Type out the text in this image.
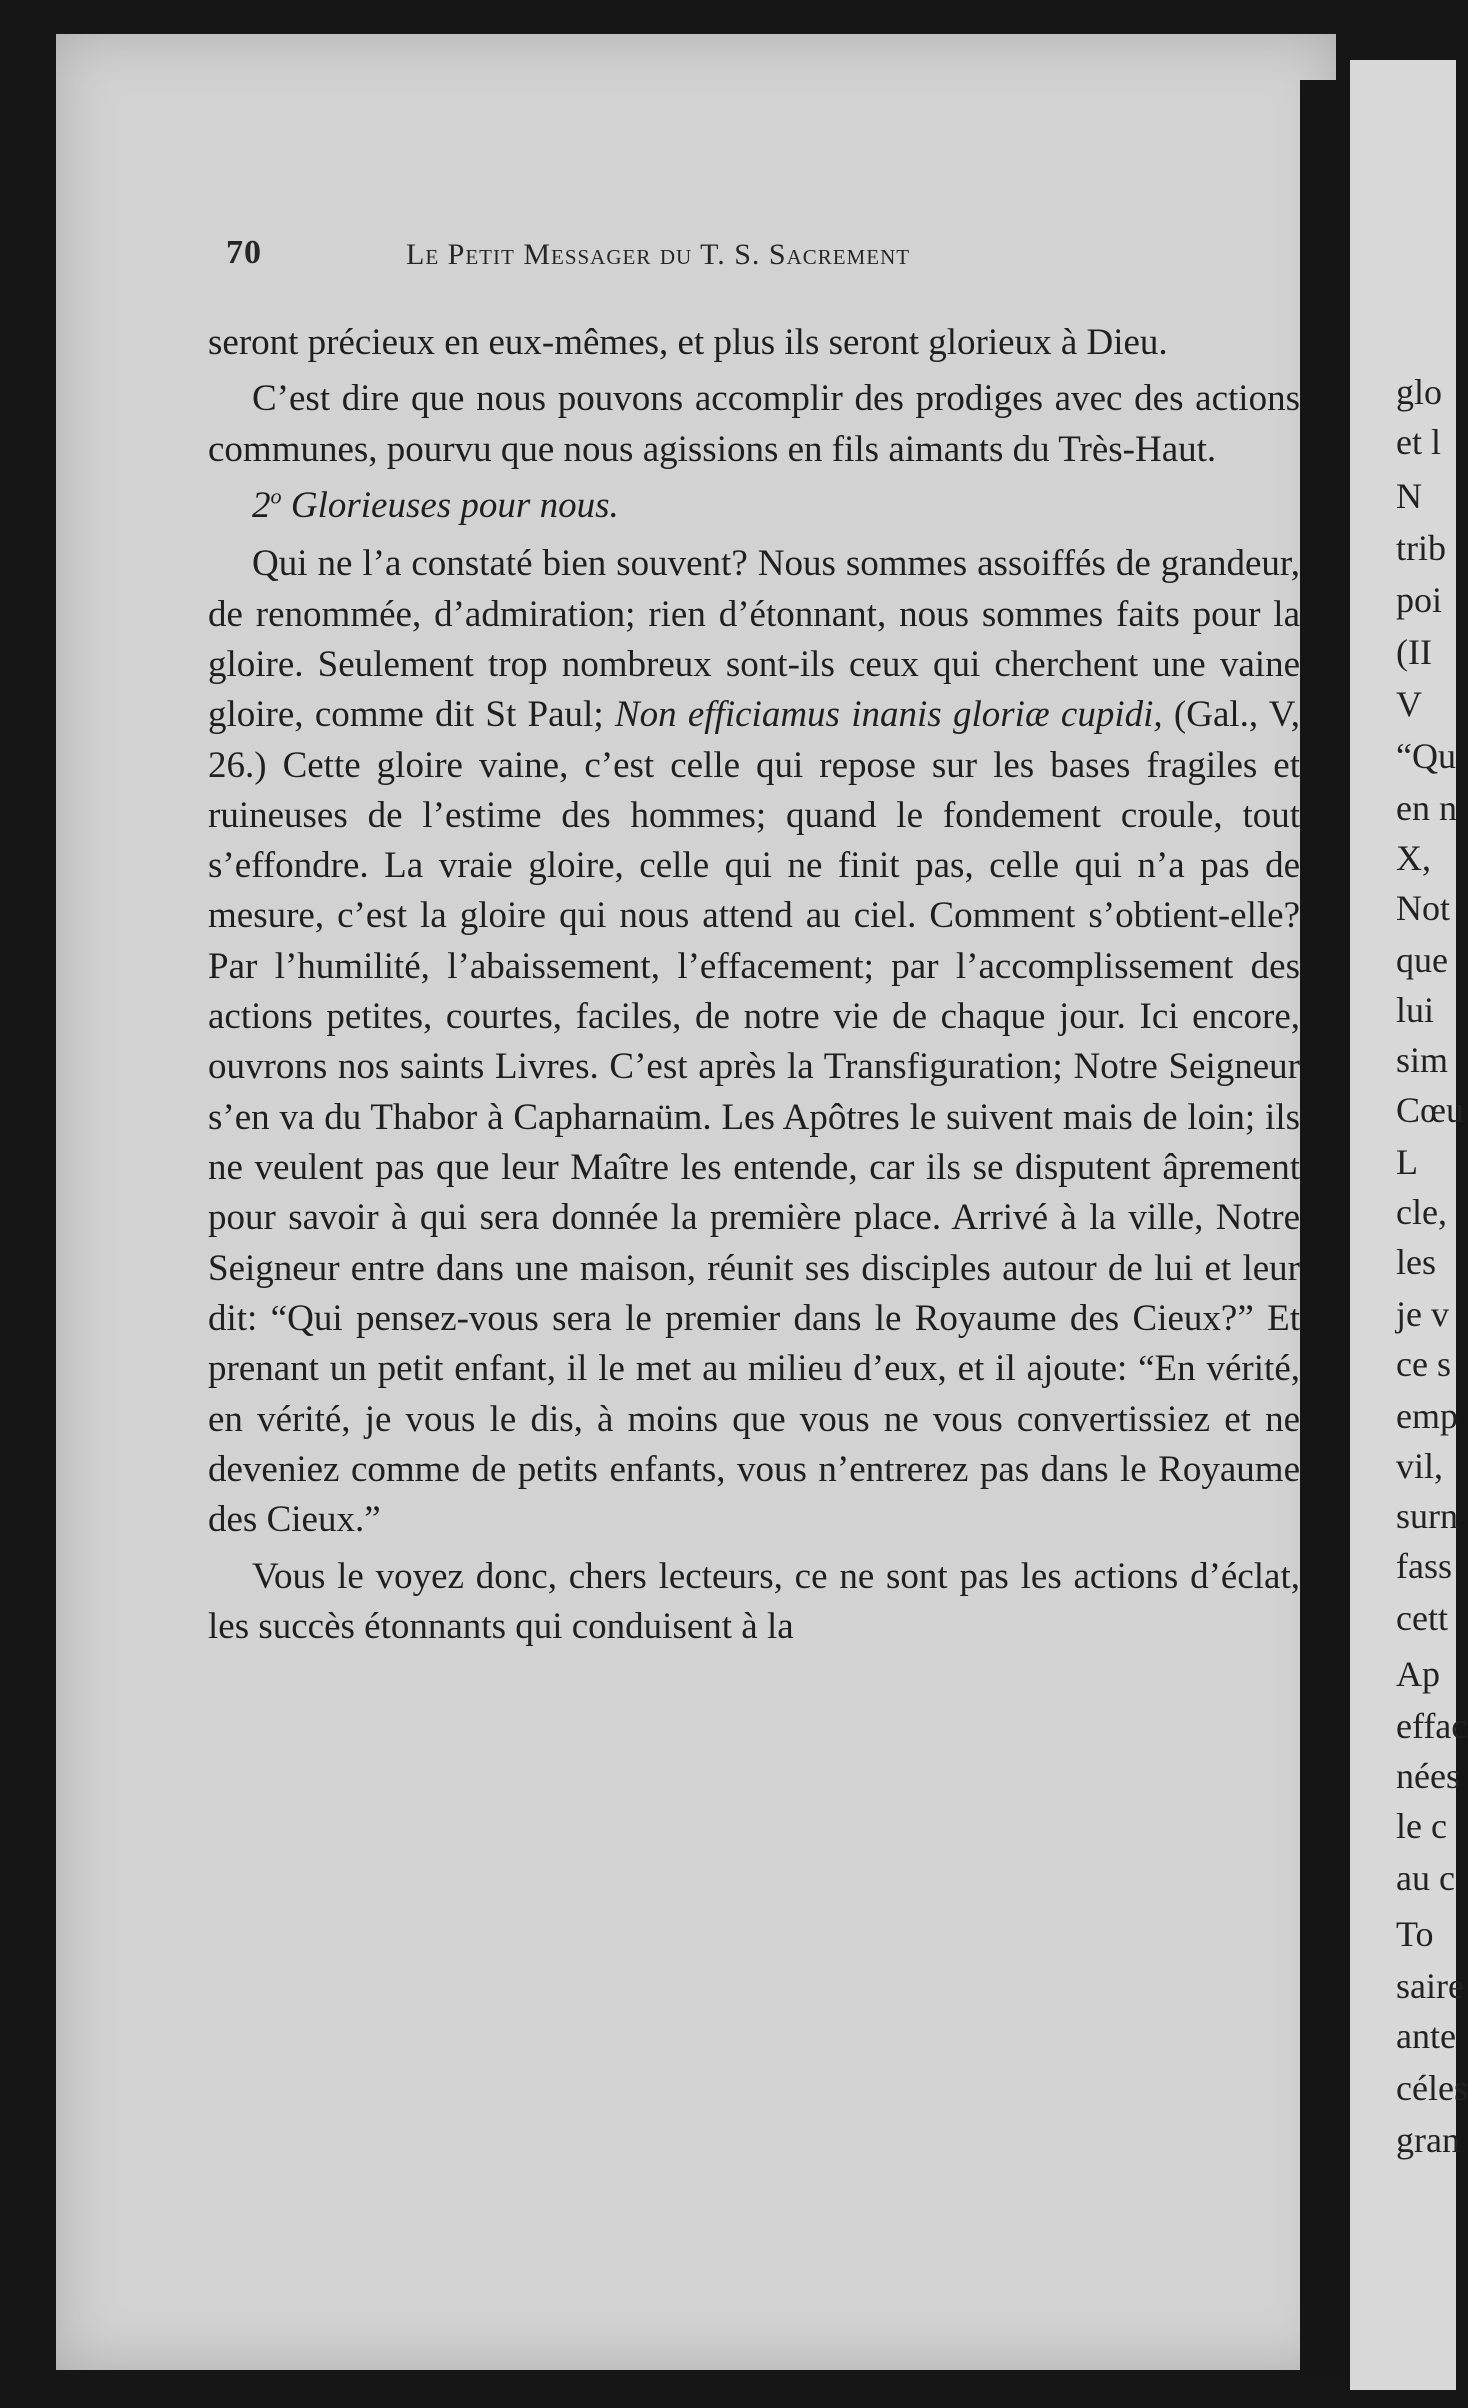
glo

et l

N

trib

poi

(II

V

“Qu

en n

X,

Not

que

lui

sim

Cœu

L

cle,

les

je v

ce s

emp

vil,

surn

fass

cett

Ap

effac

nées

le c

au c

To

saire

ante

céles

gran

70	Le Petit Messager du T. S. Sacrement

seront précieux en eux-mêmes, et plus ils seront glorieux à Dieu.

C’est dire que nous pouvons accomplir des prodiges avec des actions communes, pourvu que nous agissions en fils aimants du Très-Haut.

2$^o$ Glorieuses pour nous.

Qui ne l’a constaté bien souvent? Nous sommes assoiffés de grandeur, de renommée, d’admiration; rien d’étonnant, nous sommes faits pour la gloire. Seulement trop nombreux sont-ils ceux qui cherchent une vaine gloire, comme dit St Paul; Non efficiamus inanis gloriæ cupidi, (Gal., V, 26.) Cette gloire vaine, c’est celle qui repose sur les bases fragiles et ruineuses de l’estime des hommes; quand le fondement croule, tout s’effondre. La vraie gloire, celle qui ne finit pas, celle qui n’a pas de mesure, c’est la gloire qui nous attend au ciel. Comment s’obtient-elle? Par l’humilité, l’abaissement, l’effacement; par l’accomplissement des actions petites, courtes, faciles, de notre vie de chaque jour. Ici encore, ouvrons nos saints Livres. C’est après la Transfiguration; Notre Seigneur s’en va du Thabor à Capharnaüm. Les Apôtres le suivent mais de loin; ils ne veulent pas que leur Maître les entende, car ils se disputent âprement pour savoir à qui sera donnée la première place. Arrivé à la ville, Notre Seigneur entre dans une maison, réunit ses disciples autour de lui et leur dit: “Qui pensez-vous sera le premier dans le Royaume des Cieux?” Et prenant un petit enfant, il le met au milieu d’eux, et il ajoute: “En vérité, en vérité, je vous le dis, à moins que vous ne vous convertissiez et ne deveniez comme de petits enfants, vous n’entrerez pas dans le Royaume des Cieux.”

Vous le voyez donc, chers lecteurs, ce ne sont pas les actions d’éclat, les succès étonnants qui conduisent à la
